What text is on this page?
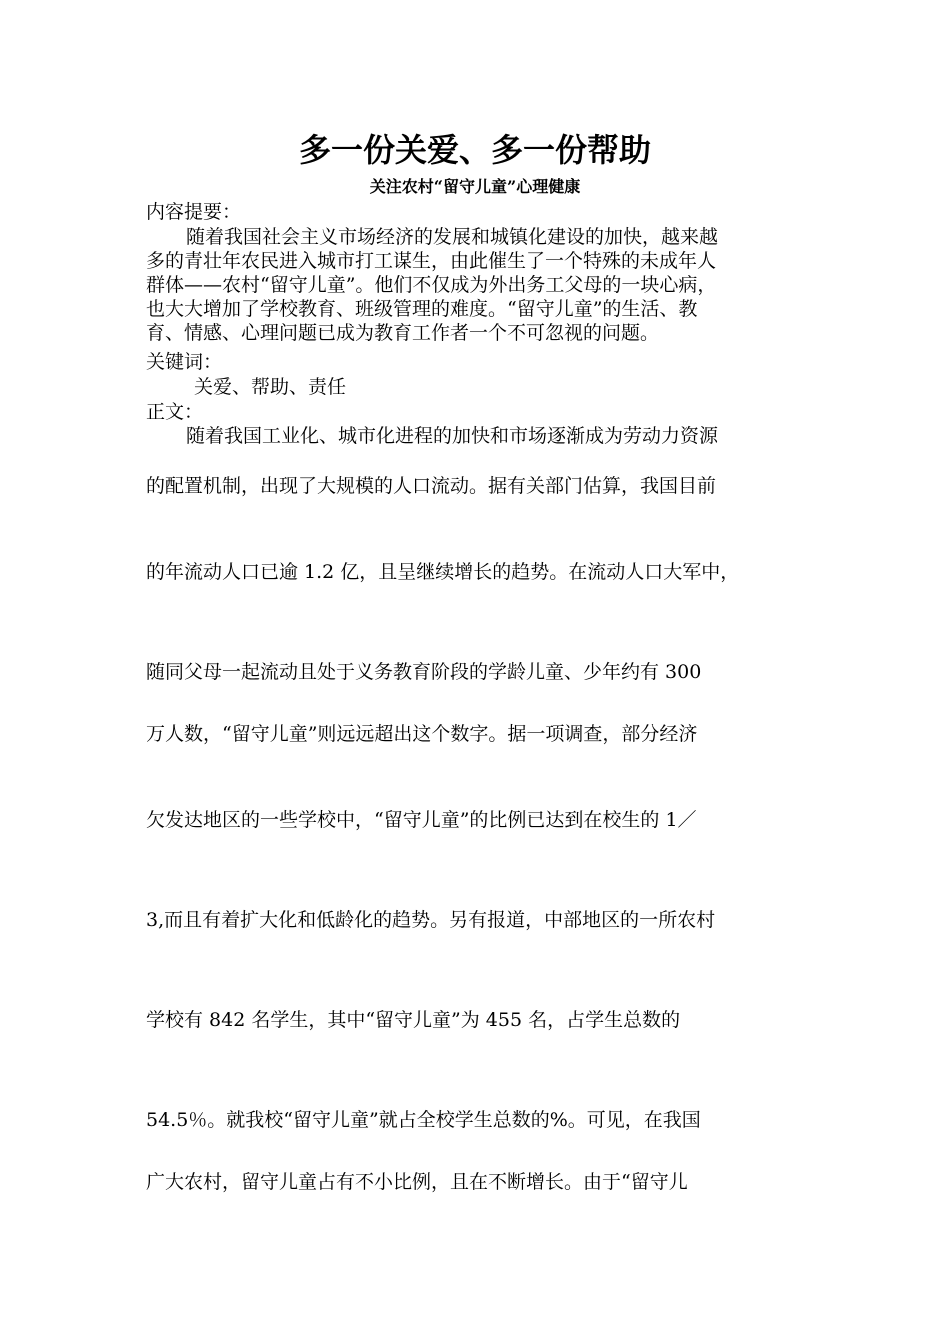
多一份关爱、多一份帮助
关注农村“留守儿童”心理健康
内容提要：
随着我国社会主义市场经济的发展和城镇化建设的加快，越来越
多的青壮年农民进入城市打工谋生，由此催生了一个特殊的未成年人
群体——农村“留守儿童”。他们不仅成为外出务工父母的一块心病，
也大大增加了学校教育、班级管理的难度。“留守儿童”的生活、教
育、情感、心理问题已成为教育工作者一个不可忽视的问题。
关键词：
关爱、帮助、责任
正文：
随着我国工业化、城市化进程的加快和市场逐渐成为劳动力资源
的配置机制，出现了大规模的人口流动。据有关部门估算，我国目前
的年流动人口已逾 1.2 亿，且呈继续增长的趋势。在流动人口大军中，
随同父母一起流动且处于义务教育阶段的学龄儿童、少年约有 300
万人数，“留守儿童”则远远超出这个数字。据一项调查，部分经济
欠发达地区的一些学校中，“留守儿童”的比例已达到在校生的 1／
3,而且有着扩大化和低龄化的趋势。另有报道，中部地区的一所农村
学校有 842 名学生，其中“留守儿童”为 455 名，占学生总数的
54.5％。就我校“留守儿童”就占全校学生总数的%。可见，在我国
广大农村，留守儿童占有不小比例，且在不断增长。由于“留守儿
